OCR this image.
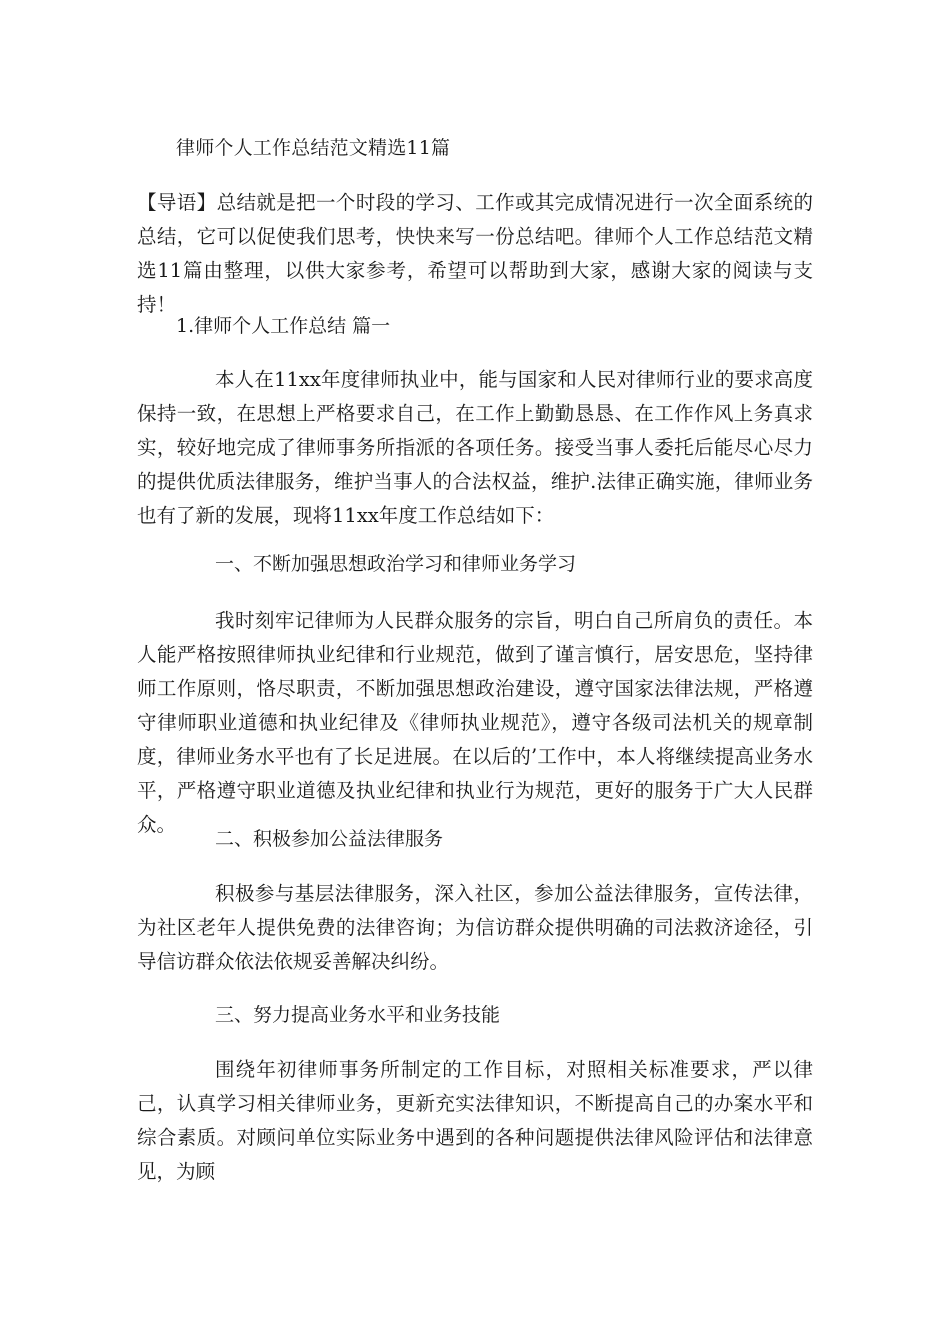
律师个人工作总结范文精选11篇
【导语】总结就是把一个时段的学习、工作或其完成情况进行一次全面系统的总结，它可以促使我们思考，快快来写一份总结吧。律师个人工作总结范文精选11篇由整理，以供大家参考，希望可以帮助到大家，感谢大家的阅读与支持！
1.律师个人工作总结 篇一
本人在11xx年度律师执业中，能与国家和人民对律师行业的要求高度保持一致，在思想上严格要求自己，在工作上勤勤恳恳、在工作作风上务真求实，较好地完成了律师事务所指派的各项任务。接受当事人委托后能尽心尽力的提供优质法律服务，维护当事人的合法权益，维护.法律正确实施，律师业务也有了新的发展，现将11xx年度工作总结如下：
一、不断加强思想政治学习和律师业务学习
我时刻牢记律师为人民群众服务的宗旨，明白自己所肩负的责任。本人能严格按照律师执业纪律和行业规范，做到了谨言慎行，居安思危，坚持律师工作原则，恪尽职责，不断加强思想政治建设，遵守国家法律法规，严格遵守律师职业道德和执业纪律及《律师执业规范》，遵守各级司法机关的规章制度，律师业务水平也有了长足进展。在以后的’工作中，本人将继续提高业务水平，严格遵守职业道德及执业纪律和执业行为规范，更好的服务于广大人民群众。
二、积极参加公益法律服务
积极参与基层法律服务，深入社区，参加公益法律服务，宣传法律，为社区老年人提供免费的法律咨询；为信访群众提供明确的司法救济途径，引导信访群众依法依规妥善解决纠纷。
三、努力提高业务水平和业务技能
围绕年初律师事务所制定的工作目标，对照相关标准要求，严以律己，认真学习相关律师业务，更新充实法律知识，不断提高自己的办案水平和综合素质。对顾问单位实际业务中遇到的各种问题提供法律风险评估和法律意见，为顾
